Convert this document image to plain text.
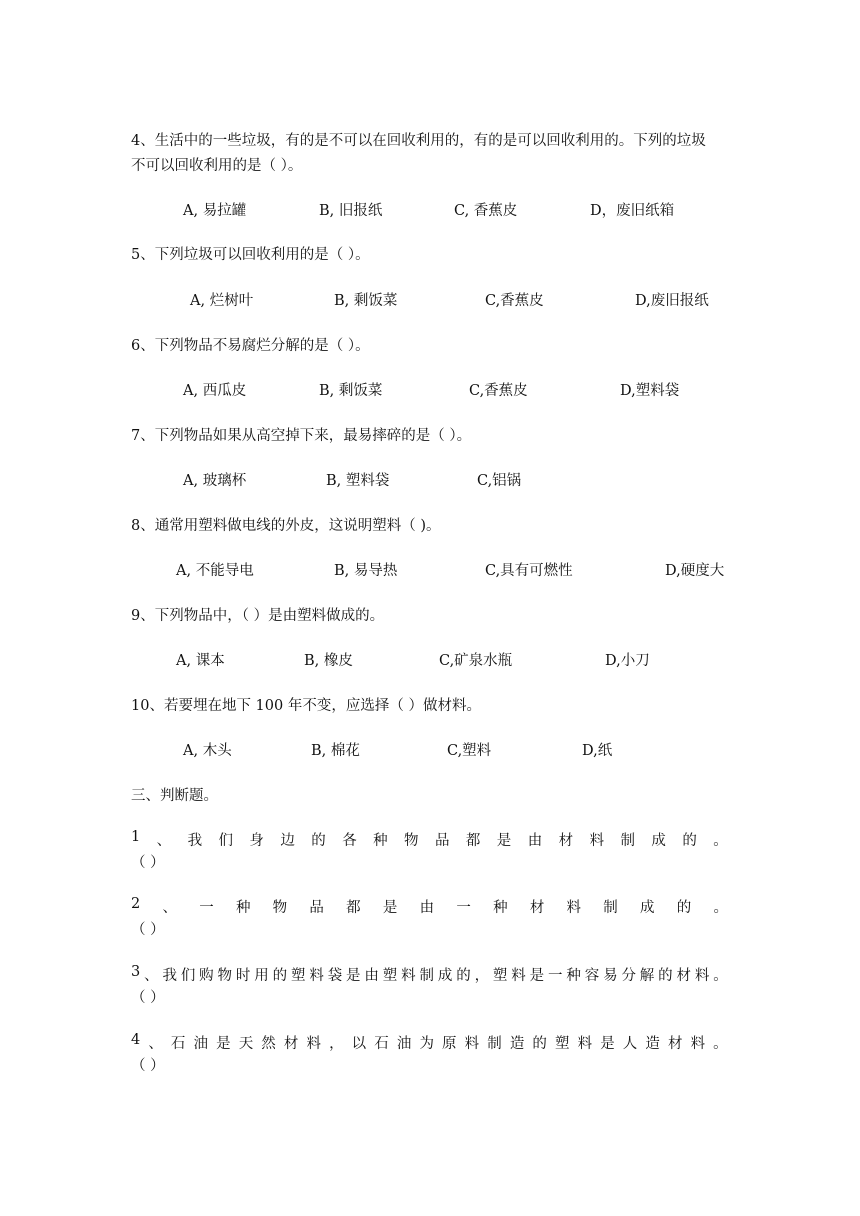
4、生活中的一些垃圾，有的是不可以在回收利用的，有的是可以回收利用的。下列的垃圾
不可以回收利用的是（ ）。
A, 易拉罐	B, 旧报纸	C, 香蕉皮	D，废旧纸箱
5、下列垃圾可以回收利用的是（ ）。
A, 烂树叶	B, 剩饭菜	C,香蕉皮	D,废旧报纸
6、下列物品不易腐烂分解的是（ ）。
A, 西瓜皮	B, 剩饭菜	C,香蕉皮	D,塑料袋
7、下列物品如果从高空掉下来，最易摔碎的是（ ）。
A, 玻璃杯	B, 塑料袋	C,铝锅
8、通常用塑料做电线的外皮，这说明塑料（ )。
A, 不能导电	B, 易导热	C,具有可燃性	D,硬度大
9、下列物品中，（ ）是由塑料做成的。
A, 课本	B, 橡皮	C,矿泉水瓶	D,小刀
10、若要埋在地下 100 年不变，应选择（ ）做材料。
A, 木头	B, 棉花	C,塑料	D,纸
三、判断题。
1 、 我 们 身 边 的 各 种 物 品 都 是 由 材 料 制 成 的 。
（ ）
2 、 一 种 物 品 都 是 由 一 种 材 料 制 成 的 。
（ ）
3 、 我 们 购 物 时 用 的 塑 料 袋 是 由 塑 料 制 成 的 ， 塑 料 是 一 种 容 易 分 解 的 材 料 。
（ ）
4 、 石 油 是 天 然 材 料 ， 以 石 油 为 原 料 制 造 的 塑 料 是 人 造 材 料 。
（ ）
